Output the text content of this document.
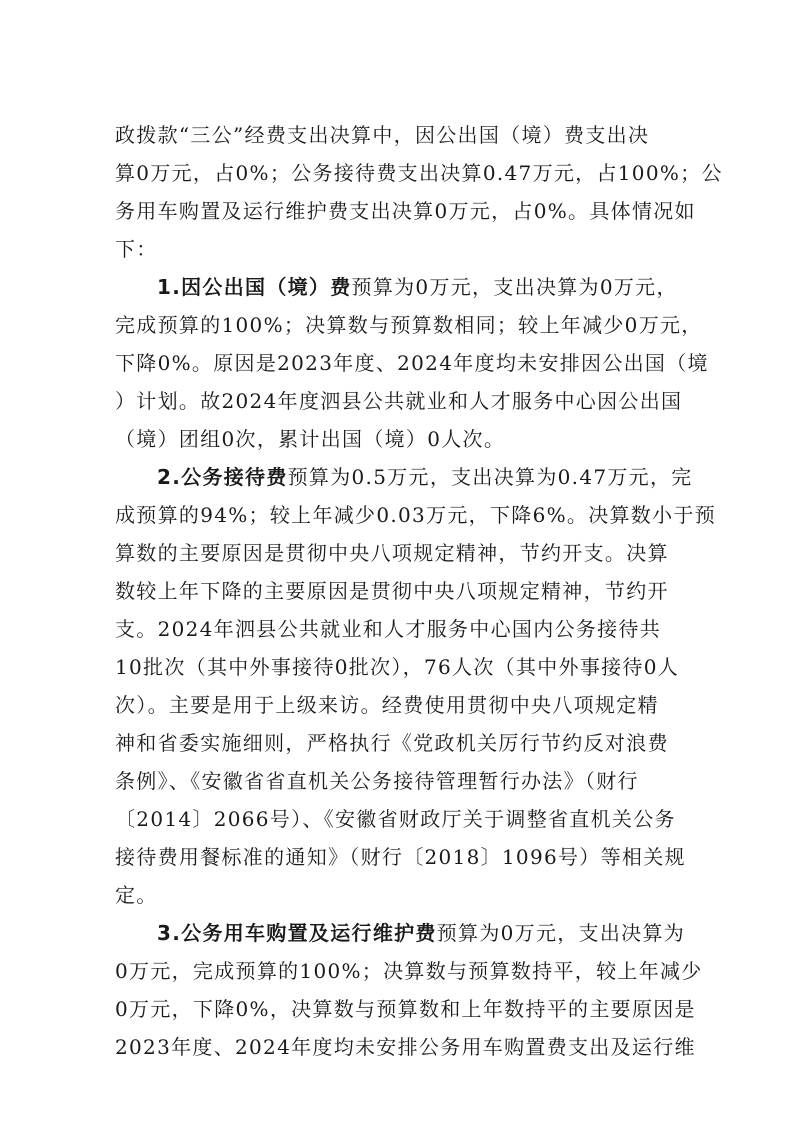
政拨款“三公”经费支出决算中，因公出国（境）费支出决
算0万元，占0%；公务接待费支出决算0.47万元，占100%；公
务用车购置及运行维护费支出决算0万元，占0%。具体情况如
下：
1.因公出国（境）费预算为0万元，支出决算为0万元，
完成预算的100%；决算数与预算数相同；较上年减少0万元，
下降0%。原因是2023年度、2024年度均未安排因公出国（境
）计划。故2024年度泗县公共就业和人才服务中心因公出国
（境）团组0次，累计出国（境）0人次。
2.公务接待费预算为0.5万元，支出决算为0.47万元，完
成预算的94%；较上年减少0.03万元，下降6%。决算数小于预
算数的主要原因是贯彻中央八项规定精神，节约开支。决算
数较上年下降的主要原因是贯彻中央八项规定精神，节约开
支。2024年泗县公共就业和人才服务中心国内公务接待共
10批次（其中外事接待0批次），76人次（其中外事接待0人
次）。主要是用于上级来访。经费使用贯彻中央八项规定精
神和省委实施细则，严格执行《党政机关厉行节约反对浪费
条例》、《安徽省省直机关公务接待管理暂行办法》（财行
〔2014〕2066号）、《安徽省财政厅关于调整省直机关公务
接待费用餐标准的通知》（财行〔2018〕1096号）等相关规
定。
3.公务用车购置及运行维护费预算为0万元，支出决算为
0万元，完成预算的100%；决算数与预算数持平，较上年减少
0万元，下降0%，决算数与预算数和上年数持平的主要原因是
2023年度、2024年度均未安排公务用车购置费支出及运行维
